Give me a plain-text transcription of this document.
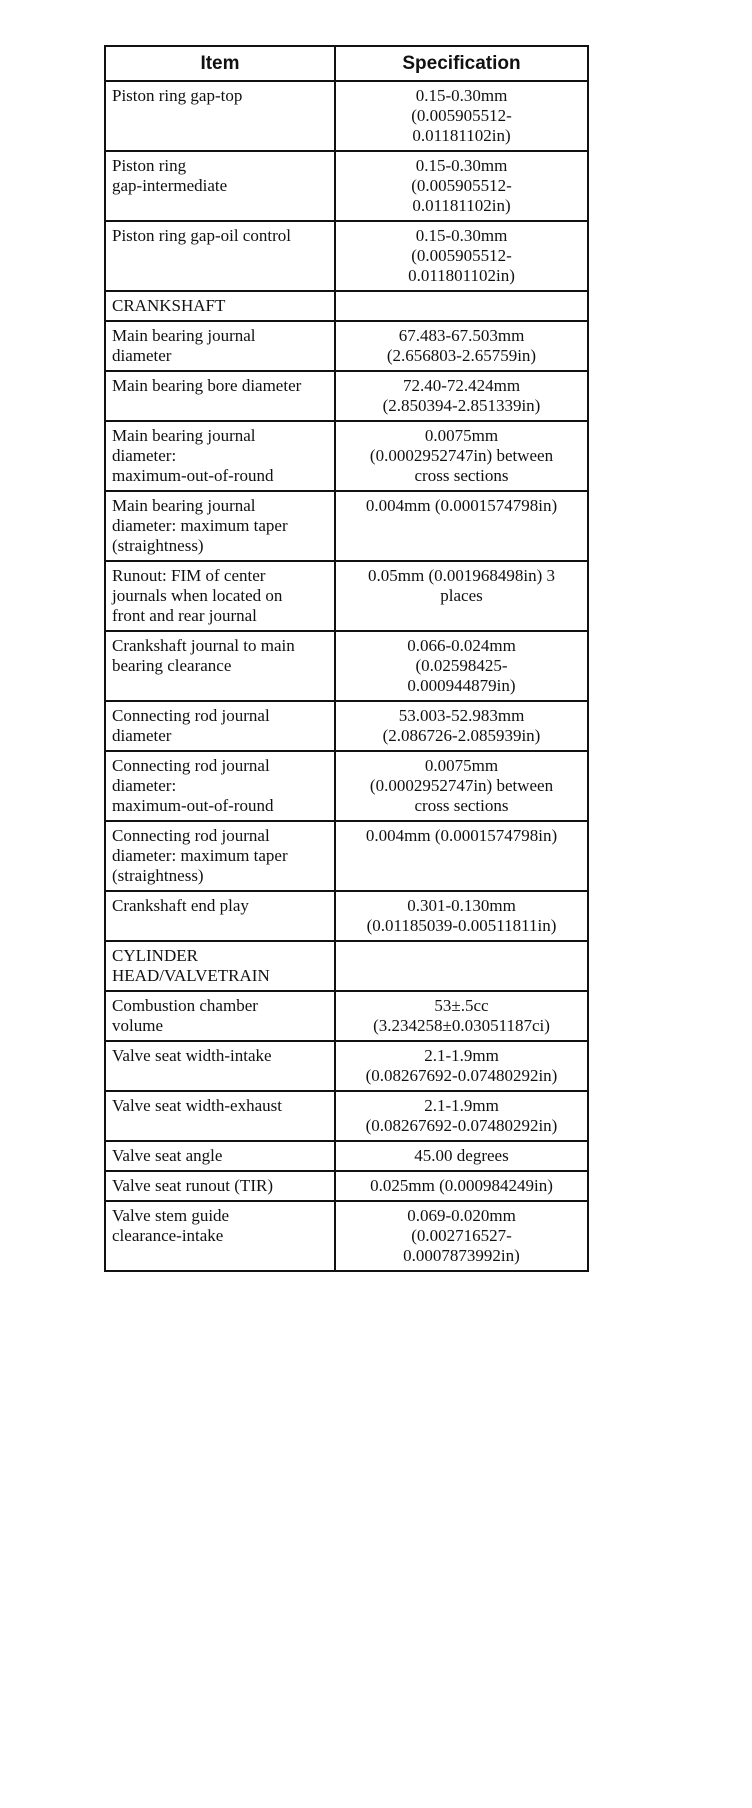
Item	Specification
Piston ring gap-top	0.15-0.30mm
(0.005905512-
0.01181102in)
Piston ring
gap-intermediate	0.15-0.30mm
(0.005905512-
0.01181102in)
Piston ring gap-oil control	0.15-0.30mm
(0.005905512-
0.011801102in)
CRANKSHAFT	
Main bearing journal
diameter	67.483-67.503mm
(2.656803-2.65759in)
Main bearing bore diameter	72.40-72.424mm
(2.850394-2.851339in)
Main bearing journal
diameter:
maximum-out-of-round	0.0075mm
(0.0002952747in) between
cross sections
Main bearing journal
diameter: maximum taper
(straightness)	0.004mm (0.0001574798in)
Runout: FIM of center
journals when located on
front and rear journal	0.05mm (0.001968498in) 3
places
Crankshaft journal to main
bearing clearance	0.066-0.024mm
(0.02598425-
0.000944879in)
Connecting rod journal
diameter	53.003-52.983mm
(2.086726-2.085939in)
Connecting rod journal
diameter:
maximum-out-of-round	0.0075mm
(0.0002952747in) between
cross sections
Connecting rod journal
diameter: maximum taper
(straightness)	0.004mm (0.0001574798in)
Crankshaft end play	0.301-0.130mm
(0.01185039-0.00511811in)
CYLINDER
HEAD/VALVETRAIN	
Combustion chamber
volume	53±.5cc
(3.234258±0.03051187ci)
Valve seat width-intake	2.1-1.9mm
(0.08267692-0.07480292in)
Valve seat width-exhaust	2.1-1.9mm
(0.08267692-0.07480292in)
Valve seat angle	45.00 degrees
Valve seat runout (TIR)	0.025mm (0.000984249in)
Valve stem guide
clearance-intake	0.069-0.020mm
(0.002716527-
0.0007873992in)
